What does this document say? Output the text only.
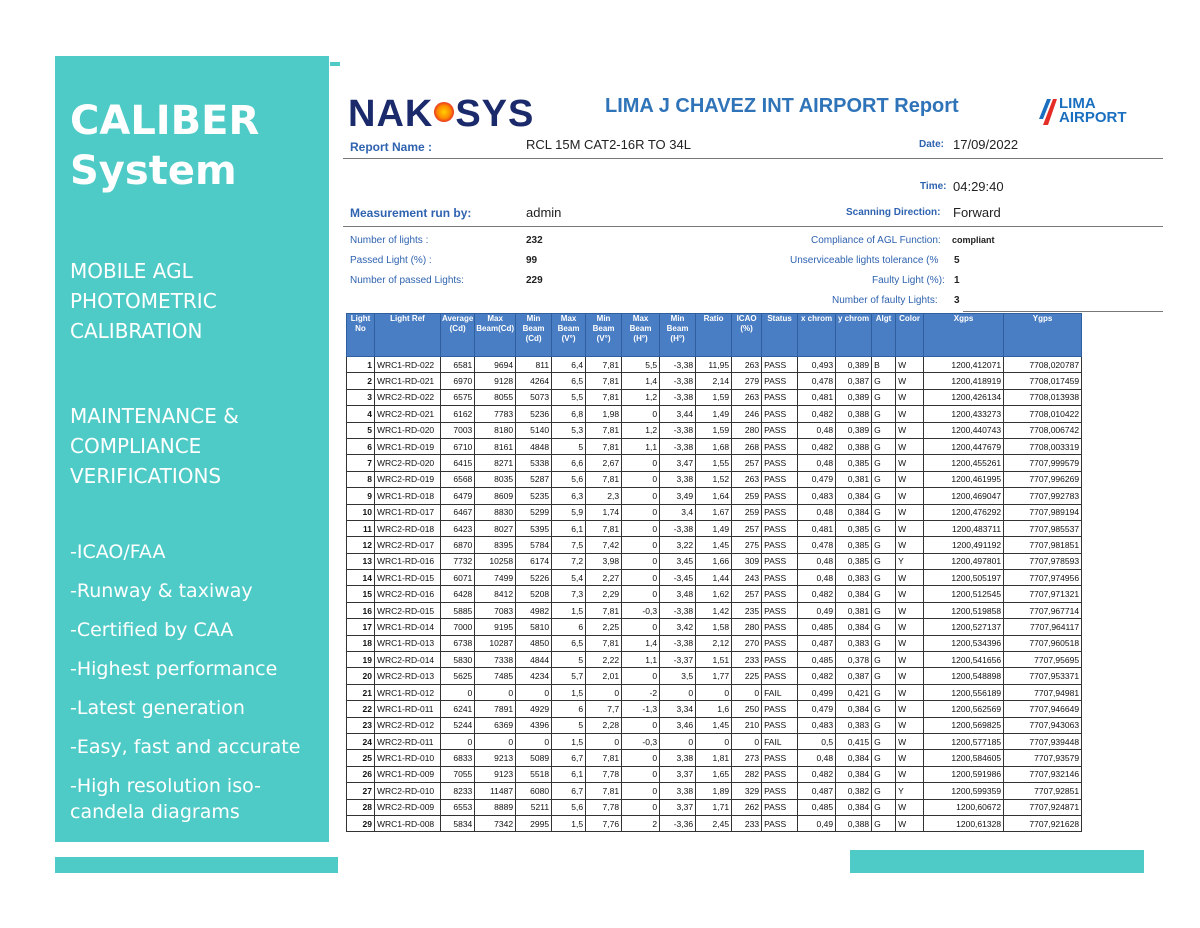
CALIBER
System
MOBILE AGL
PHOTOMETRIC
CALIBRATION
MAINTENANCE &
COMPLIANCE
VERIFICATIONS
-ICAO/FAA
-Runway & taxiway
-Certified by CAA
-Highest performance
-Latest generation
-Easy, fast and accurate
-High resolution iso-
candela diagrams
NAK SYS	LIMA J CHAVEZ INT AIRPORT Report	LIMA
AIRPORT
Report Name :	RCL 15M CAT2-16R TO 34L	Date: 17/09/2022
Time: 04:29:40
Measurement run by:	admin	Scanning Direction: Forward
Number of lights :	232
Passed Light (%) :	99
Number of passed Lights:	229
Compliance of AGL Function: compliant
Unserviceable lights tolerance (% 5
Faulty Light (%): 1
Number of faulty Lights: 3
Light No	Light Ref	Average (Cd)	Max Beam(Cd)	Min Beam (Cd)	Max Beam (V°)	Min Beam (V°)	Max Beam (H°)	Min Beam (H°)	Ratio	ICAO (%)	Status	x chrom	y chrom	Algt	Color	Xgps	Ygps
1	WRC1-RD-022	6581	9694	811	6,4	7,81	5,5	-3,38	11,95	263	PASS	0,493	0,389	B	W	1200,412071	7708,020787
2	WRC1-RD-021	6970	9128	4264	6,5	7,81	1,4	-3,38	2,14	279	PASS	0,478	0,387	G	W	1200,418919	7708,017459
3	WRC2-RD-022	6575	8055	5073	5,5	7,81	1,2	-3,38	1,59	263	PASS	0,481	0,389	G	W	1200,426134	7708,013938
4	WRC2-RD-021	6162	7783	5236	6,8	1,98	0	3,44	1,49	246	PASS	0,482	0,388	G	W	1200,433273	7708,010422
5	WRC1-RD-020	7003	8180	5140	5,3	7,81	1,2	-3,38	1,59	280	PASS	0,48	0,389	G	W	1200,440743	7708,006742
6	WRC1-RD-019	6710	8161	4848	5	7,81	1,1	-3,38	1,68	268	PASS	0,482	0,388	G	W	1200,447679	7708,003319
7	WRC2-RD-020	6415	8271	5338	6,6	2,67	0	3,47	1,55	257	PASS	0,48	0,385	G	W	1200,455261	7707,999579
8	WRC2-RD-019	6568	8035	5287	5,6	7,81	0	3,38	1,52	263	PASS	0,479	0,381	G	W	1200,461995	7707,996269
9	WRC1-RD-018	6479	8609	5235	6,3	2,3	0	3,49	1,64	259	PASS	0,483	0,384	G	W	1200,469047	7707,992783
10	WRC1-RD-017	6467	8830	5299	5,9	1,74	0	3,4	1,67	259	PASS	0,48	0,384	G	W	1200,476292	7707,989194
11	WRC2-RD-018	6423	8027	5395	6,1	7,81	0	-3,38	1,49	257	PASS	0,481	0,385	G	W	1200,483711	7707,985537
12	WRC2-RD-017	6870	8395	5784	7,5	7,42	0	3,22	1,45	275	PASS	0,478	0,385	G	W	1200,491192	7707,981851
13	WRC1-RD-016	7732	10258	6174	7,2	3,98	0	3,45	1,66	309	PASS	0,48	0,385	G	Y	1200,497801	7707,978593
14	WRC1-RD-015	6071	7499	5226	5,4	2,27	0	-3,45	1,44	243	PASS	0,48	0,383	G	W	1200,505197	7707,974956
15	WRC2-RD-016	6428	8412	5208	7,3	2,29	0	3,48	1,62	257	PASS	0,482	0,384	G	W	1200,512545	7707,971321
16	WRC2-RD-015	5885	7083	4982	1,5	7,81	-0,3	-3,38	1,42	235	PASS	0,49	0,381	G	W	1200,519858	7707,967714
17	WRC1-RD-014	7000	9195	5810	6	2,25	0	3,42	1,58	280	PASS	0,485	0,384	G	W	1200,527137	7707,964117
18	WRC1-RD-013	6738	10287	4850	6,5	7,81	1,4	-3,38	2,12	270	PASS	0,487	0,383	G	W	1200,534396	7707,960518
19	WRC2-RD-014	5830	7338	4844	5	2,22	1,1	-3,37	1,51	233	PASS	0,485	0,378	G	W	1200,541656	7707,95695
20	WRC2-RD-013	5625	7485	4234	5,7	2,01	0	3,5	1,77	225	PASS	0,482	0,387	G	W	1200,548898	7707,953371
21	WRC1-RD-012	0	0	0	1,5	0	-2	0	0	0	FAIL	0,499	0,421	G	W	1200,556189	7707,94981
22	WRC1-RD-011	6241	7891	4929	6	7,7	-1,3	3,34	1,6	250	PASS	0,479	0,384	G	W	1200,562569	7707,946649
23	WRC2-RD-012	5244	6369	4396	5	2,28	0	3,46	1,45	210	PASS	0,483	0,383	G	W	1200,569825	7707,943063
24	WRC2-RD-011	0	0	0	1,5	0	-0,3	0	0	0	FAIL	0,5	0,415	G	W	1200,577185	7707,939448
25	WRC1-RD-010	6833	9213	5089	6,7	7,81	0	3,38	1,81	273	PASS	0,48	0,384	G	W	1200,584605	7707,93579
26	WRC1-RD-009	7055	9123	5518	6,1	7,78	0	3,37	1,65	282	PASS	0,482	0,384	G	W	1200,591986	7707,932146
27	WRC2-RD-010	8233	11487	6080	6,7	7,81	0	3,38	1,89	329	PASS	0,487	0,382	G	Y	1200,599359	7707,92851
28	WRC2-RD-009	6553	8889	5211	5,6	7,78	0	3,37	1,71	262	PASS	0,485	0,384	G	W	1200,60672	7707,924871
29	WRC1-RD-008	5834	7342	2995	1,5	7,76	2	-3,36	2,45	233	PASS	0,49	0,388	G	W	1200,61328	7707,921628
